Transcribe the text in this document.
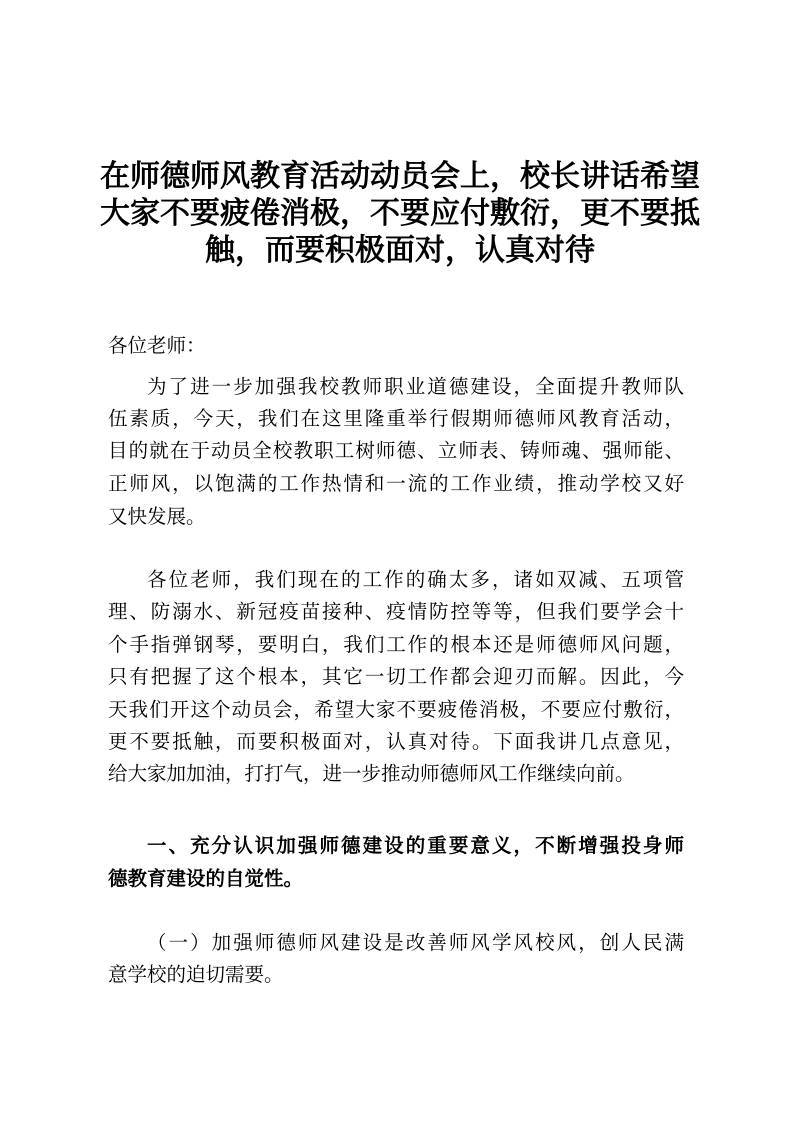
在师德师风教育活动动员会上，校长讲话希望
大家不要疲倦消极，不要应付敷衍，更不要抵
触，而要积极面对，认真对待
各位老师：
为了进一步加强我校教师职业道德建设，全面提升教师队
伍素质，今天，我们在这里隆重举行假期师德师风教育活动，
目的就在于动员全校教职工树师德、立师表、铸师魂、强师能、
正师风，以饱满的工作热情和一流的工作业绩，推动学校又好
又快发展。
各位老师，我们现在的工作的确太多，诸如双减、五项管
理、防溺水、新冠疫苗接种、疫情防控等等，但我们要学会十
个手指弹钢琴，要明白，我们工作的根本还是师德师风问题，
只有把握了这个根本，其它一切工作都会迎刃而解。因此，今
天我们开这个动员会，希望大家不要疲倦消极，不要应付敷衍，
更不要抵触，而要积极面对，认真对待。下面我讲几点意见，
给大家加加油，打打气，进一步推动师德师风工作继续向前。
一、充分认识加强师德建设的重要意义，不断增强投身师
德教育建设的自觉性。
（一）加强师德师风建设是改善师风学风校风，创人民满
意学校的迫切需要。
